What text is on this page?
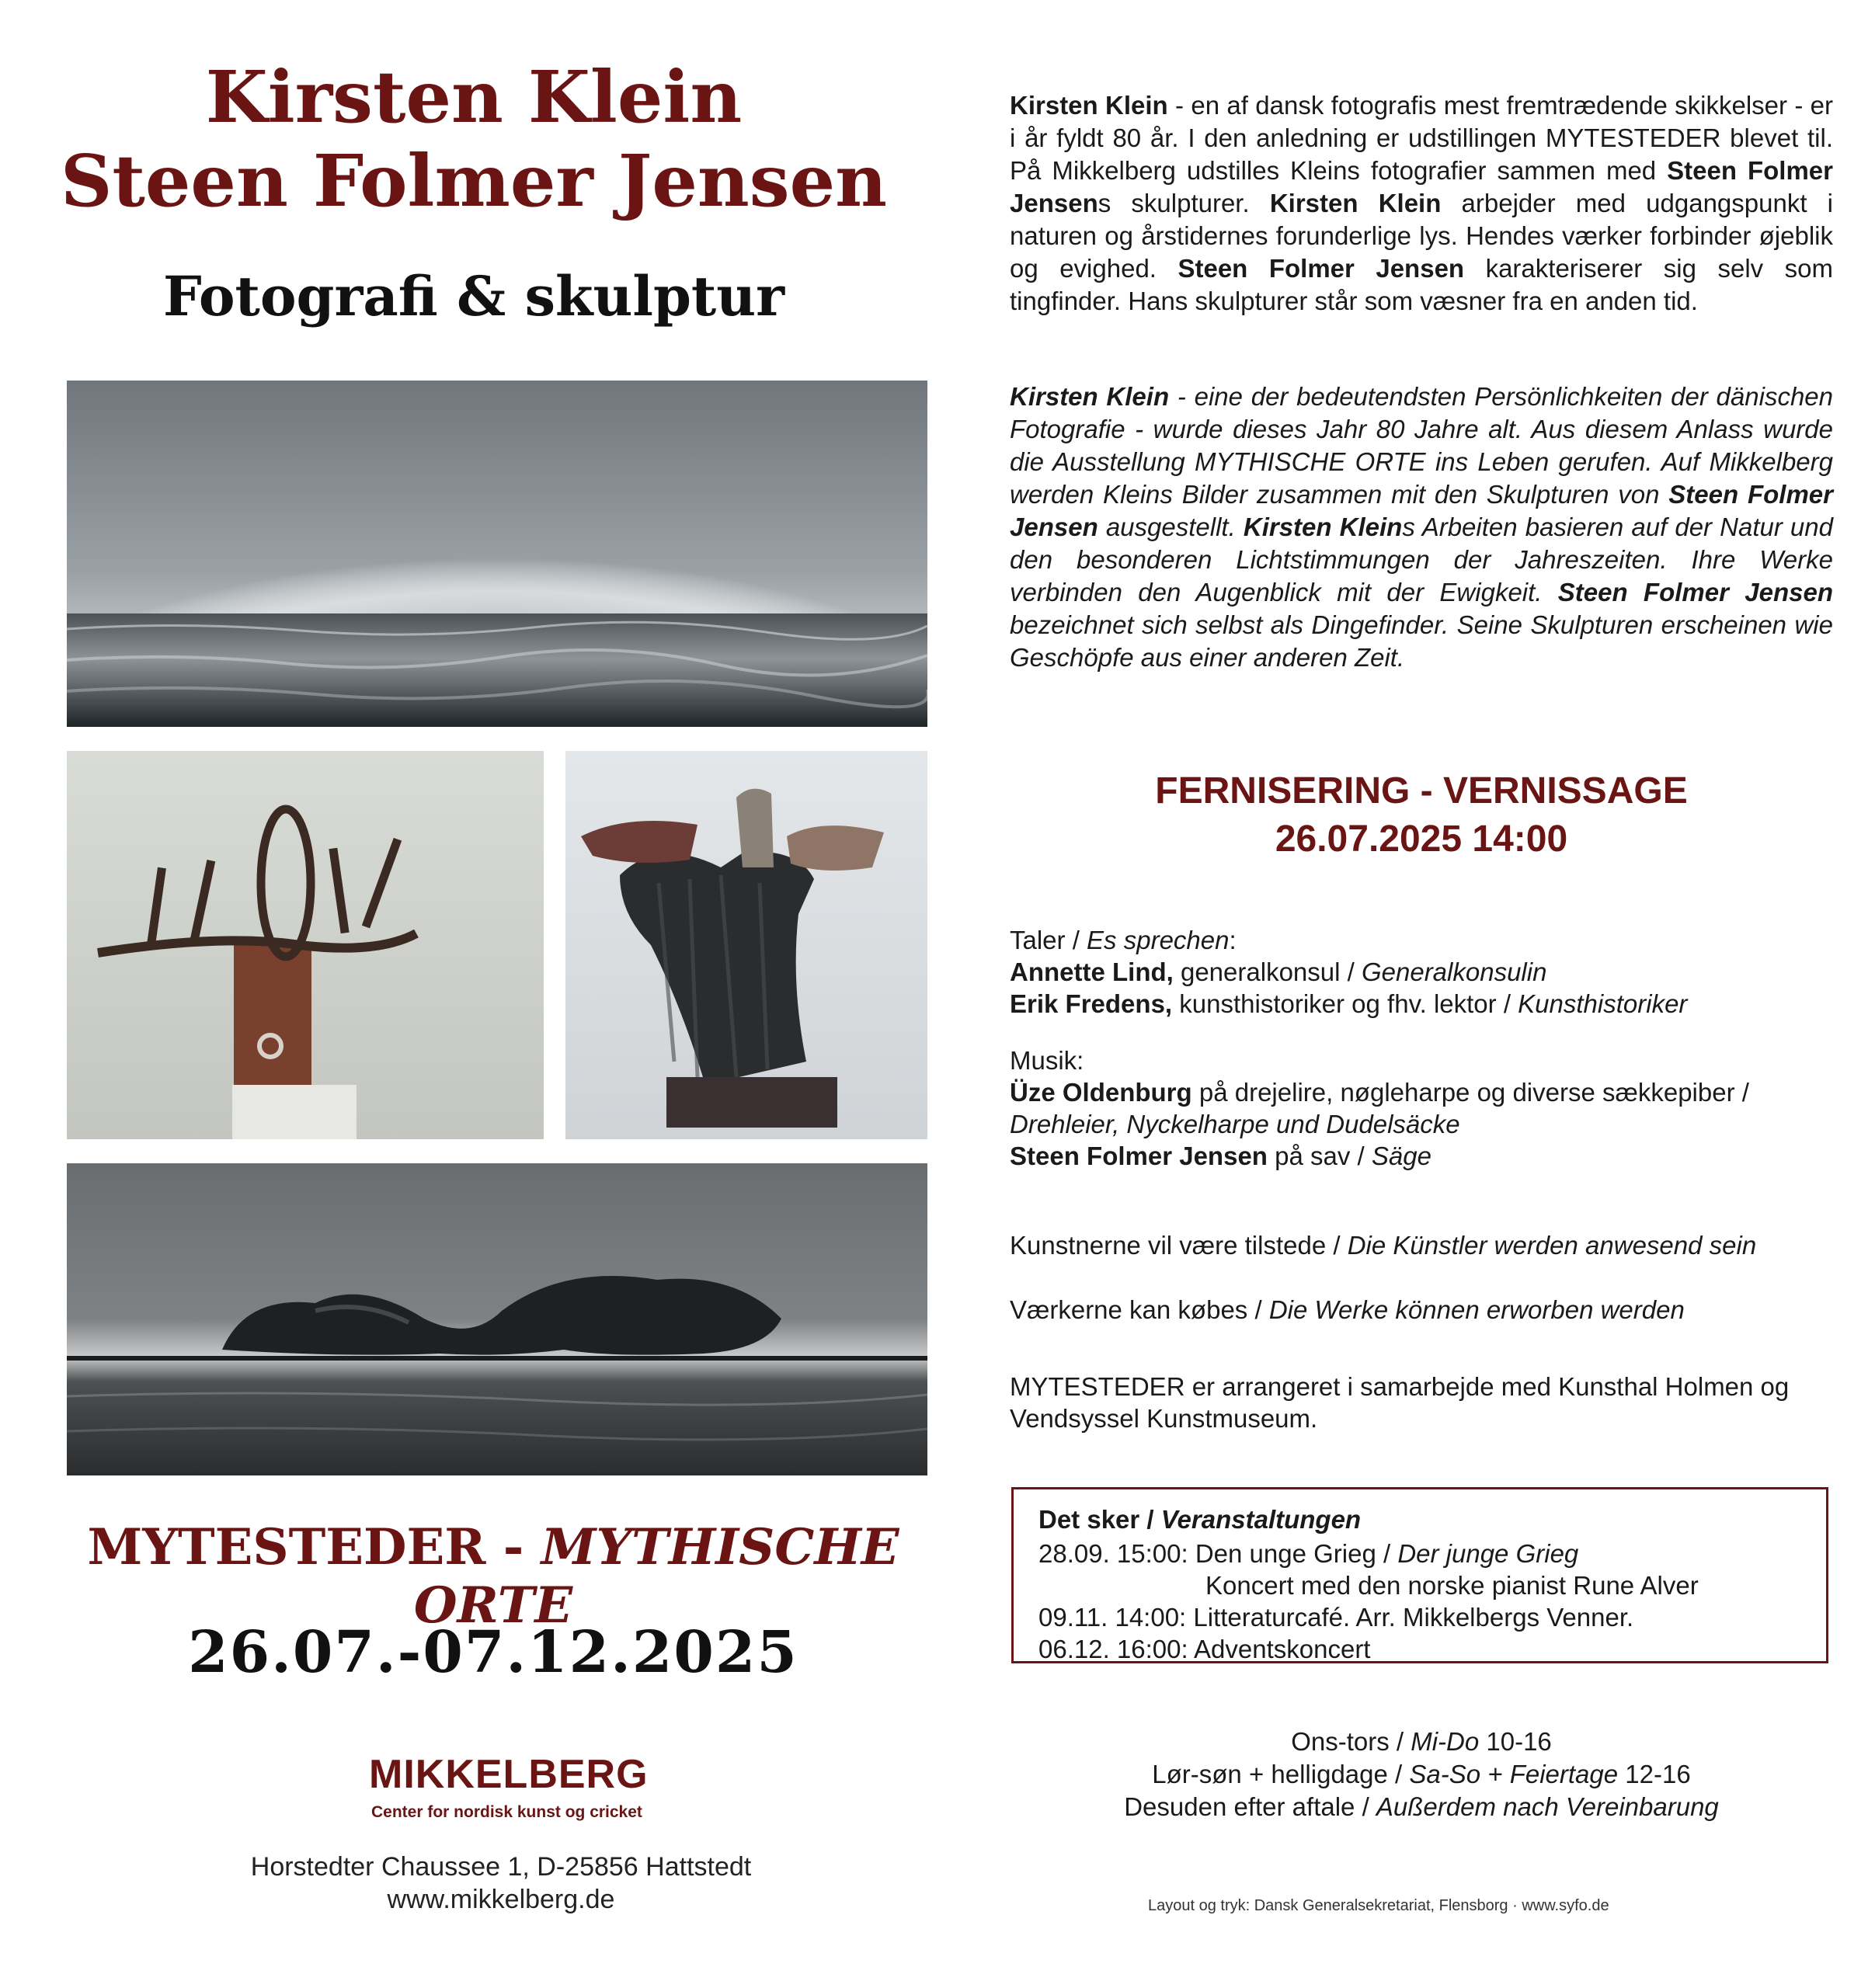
Kirsten Klein
Steen Folmer Jensen
Fotografi & skulptur
MYTESTEDER - MYTHISCHE ORTE
26.07.-07.12.2025
MIKKELBERG
Center for nordisk kunst og cricket
Horstedter Chaussee 1, D-25856 Hattstedt
www.mikkelberg.de
Kirsten Klein - en af dansk fotografis mest fremtrædende skikkelser - er i år fyldt 80 år. I den anledning er udstillingen MYTESTEDER blevet til. På Mikkelberg udstilles Kleins fotografier sammen med Steen Folmer Jensens skulpturer. Kirsten Klein arbejder med udgangspunkt i naturen og årstidernes forunderlige lys. Hendes værker forbinder øjeblik og evighed. Steen Folmer Jensen karakteriserer sig selv som tingfinder. Hans skulpturer står som væsner fra en anden tid.
Kirsten Klein - eine der bedeutendsten Persönlichkeiten der dänischen Fotografie - wurde dieses Jahr 80 Jahre alt. Aus diesem Anlass wurde die Ausstellung MYTHISCHE ORTE ins Leben gerufen. Auf Mikkelberg werden Kleins Bilder zusammen mit den Skulpturen von Steen Folmer Jensen ausgestellt. Kirsten Kleins Arbeiten basieren auf der Natur und den besonderen Lichtstimmungen der Jahreszeiten. Ihre Werke verbinden den Augenblick mit der Ewigkeit. Steen Folmer Jensen bezeichnet sich selbst als Dingefinder. Seine Skulpturen erscheinen wie Geschöpfe aus einer anderen Zeit.
FERNISERING - VERNISSAGE
26.07.2025 14:00
Taler / Es sprechen:
Annette Lind, generalkonsul / Generalkonsulin
Erik Fredens, kunsthistoriker og fhv. lektor / Kunsthistoriker
Musik:
Üze Oldenburg på drejelire, nøgleharpe og diverse sækkepiber / Drehleier, Nyckelharpe und Dudelsäcke
Steen Folmer Jensen på sav / Säge
Kunstnerne vil være tilstede / Die Künstler werden anwesend sein
Værkerne kan købes / Die Werke können erworben werden
MYTESTEDER er arrangeret i samarbejde med Kunsthal Holmen og Vendsyssel Kunstmuseum.
Det sker / Veranstaltungen
28.09. 15:00: Den unge Grieg / Der junge Grieg
Koncert med den norske pianist Rune Alver
09.11. 14:00: Litteraturcafé. Arr. Mikkelbergs Venner.
06.12. 16:00: Adventskoncert
Ons-tors / Mi-Do 10-16
Lør-søn + helligdage / Sa-So + Feiertage 12-16
Desuden efter aftale / Außerdem nach Vereinbarung
Layout og tryk: Dansk Generalsekretariat, Flensborg · www.syfo.de
